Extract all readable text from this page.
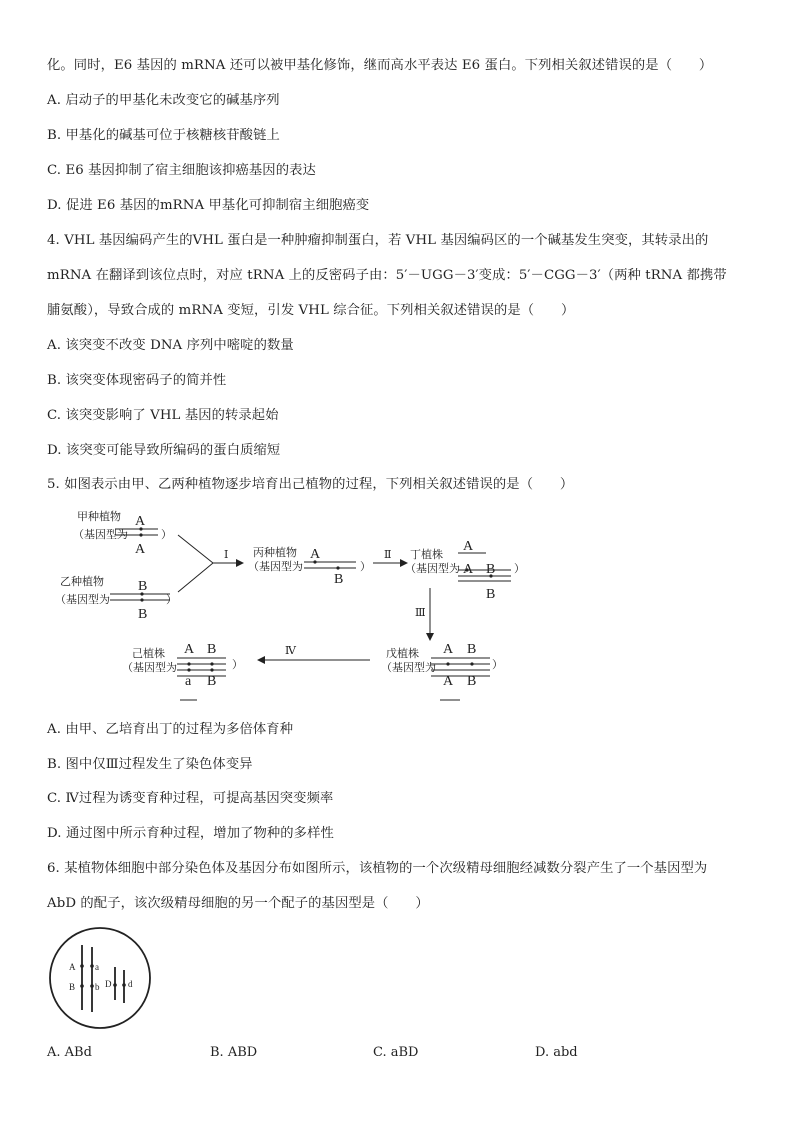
化。同时，E6 基因的 mRNA 还可以被甲基化修饰，继而高水平表达 E6 蛋白。下列相关叙述错误的是（　　）
A. 启动子的甲基化未改变它的碱基序列
B. 甲基化的碱基可位于核糖核苷酸链上
C. E6 基因抑制了宿主细胞该抑癌基因的表达
D. 促进 E6 基因的mRNA 甲基化可抑制宿主细胞癌变
4. VHL 基因编码产生的VHL 蛋白是一种肿瘤抑制蛋白，若 VHL 基因编码区的一个碱基发生突变，其转录出的
mRNA 在翻译到该位点时，对应 tRNA 上的反密码子由：5′－UGG－3′变成：5′－CGG－3′（两种 tRNA 都携带
脯氨酸），导致合成的 mRNA 变短，引发 VHL 综合征。下列相关叙述错误的是（　　）
A. 该突变不改变 DNA 序列中嘧啶的数量
B. 该突变体现密码子的简并性
C. 该突变影响了 VHL 基因的转录起始
D. 该突变可能导致所编码的蛋白质缩短
5. 如图表示由甲、乙两种植物逐步培育出己植物的过程，下列相关叙述错误的是（　　）
甲种植物
（基因型为	）
A
A
乙种植物
（基因型为	）
B
B
Ⅰ 丙种植物
（基因型为	）
A
B
Ⅱ 丁植株
（基因型为	）
A
A B
B
Ⅲ
戊植株
（基因型为	）
A B
A B
Ⅳ
己植株
（基因型为	）
A B
a B
A. 由甲、乙培育出丁的过程为多倍体育种
B. 图中仅Ⅲ过程发生了染色体变异
C. Ⅳ过程为诱变育种过程，可提高基因突变频率
D. 通过图中所示育种过程，增加了物种的多样性
6. 某植物体细胞中部分染色体及基因分布如图所示，该植物的一个次级精母细胞经减数分裂产生了一个基因型为
AbD 的配子，该次级精母细胞的另一个配子的基因型是（　　）
A a
B b D d
A. ABd	B. ABD	C. aBD	D. abd
